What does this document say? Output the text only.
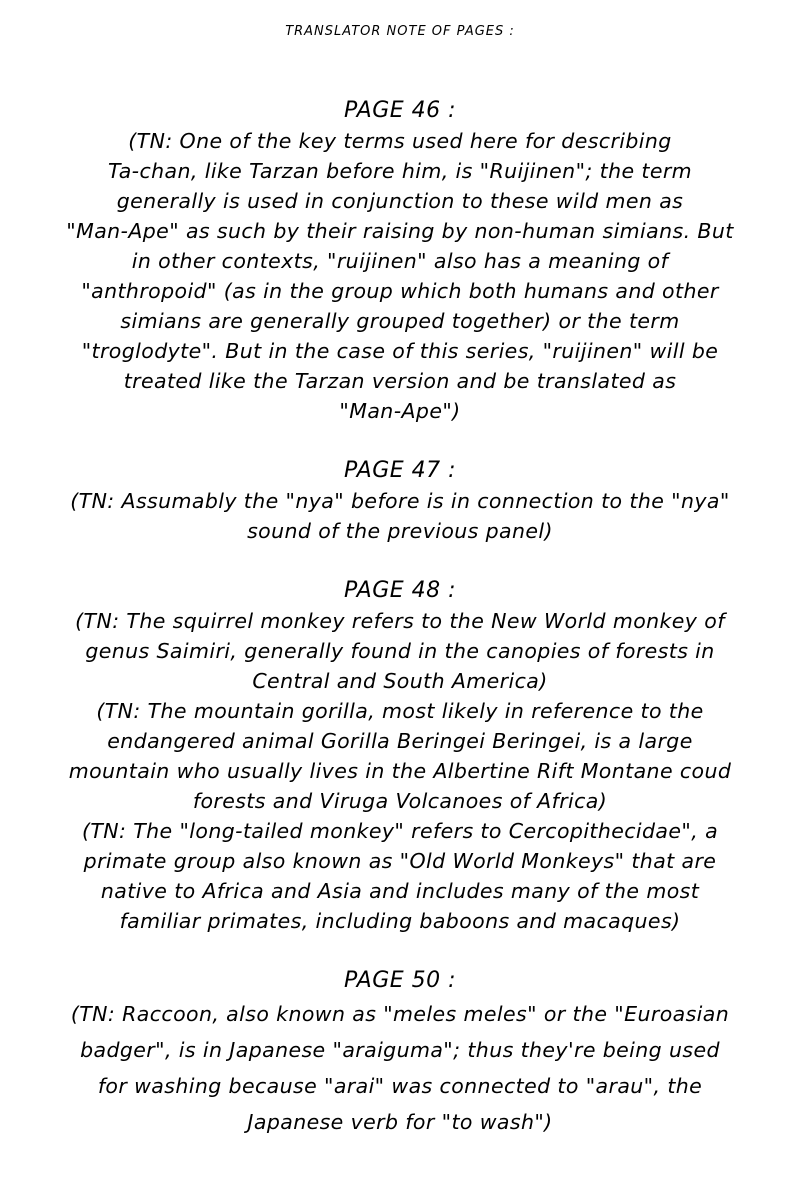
TRANSLATOR NOTE OF PAGES :
PAGE 46 :
(TN: One of the key terms used here for describing
Ta-chan, like Tarzan before him, is "Ruijinen"; the term
generally is used in conjunction to these wild men as
"Man-Ape" as such by their raising by non-human simians. But
in other contexts, "ruijinen" also has a meaning of
"anthropoid" (as in the group which both humans and other
simians are generally grouped together) or the term
"troglodyte". But in the case of this series, "ruijinen" will be
treated like the Tarzan version and be translated as
"Man-Ape")
PAGE 47 :
(TN: Assumably the "nya" before is in connection to the "nya"
sound of the previous panel)
PAGE 48 :
(TN: The squirrel monkey refers to the New World monkey of
genus Saimiri, generally found in the canopies of forests in
Central and South America)
(TN: The mountain gorilla, most likely in reference to the
endangered animal Gorilla Beringei Beringei, is a large
mountain who usually lives in the Albertine Rift Montane coud
forests and Viruga Volcanoes of Africa)
(TN: The "long-tailed monkey" refers to Cercopithecidae", a
primate group also known as "Old World Monkeys" that are
native to Africa and Asia and includes many of the most
familiar primates, including baboons and macaques)
PAGE 50 :
(TN: Raccoon, also known as "meles meles" or the "Euroasian
badger", is in Japanese "araiguma"; thus they're being used
for washing because "arai" was connected to "arau", the
Japanese verb for "to wash")
